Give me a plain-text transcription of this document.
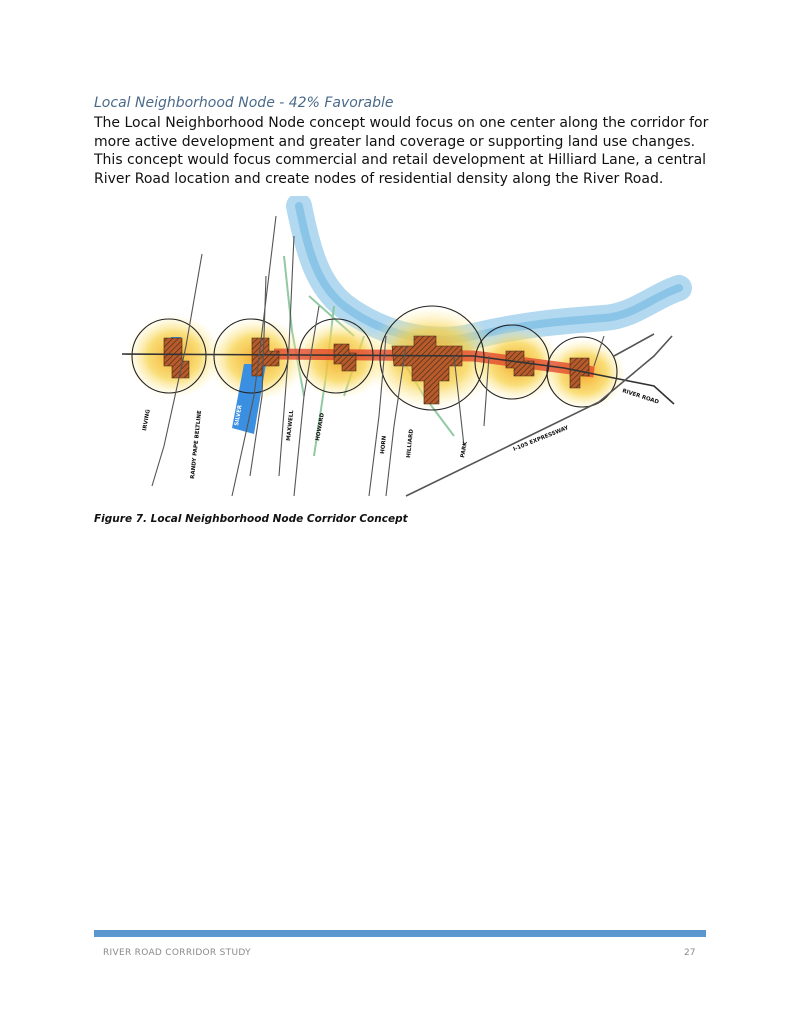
Local Neighborhood Node - 42% Favorable
The Local Neighborhood Node concept would focus on one center along the corridor for more active development and greater land coverage or supporting land use changes. This concept would focus commercial and retail development at Hilliard Lane, a central River Road location and create nodes of residential density along the River Road.
IRVING	RANDY PAPE BELTLINE	SILVER	MAXWELL	HOWARD
HORN	HILLIARD	PARK
RIVER ROAD
I-105 EXPRESSWAY
Figure 7. Local Neighborhood Node Corridor Concept
RIVER ROAD CORRIDOR STUDY	27
